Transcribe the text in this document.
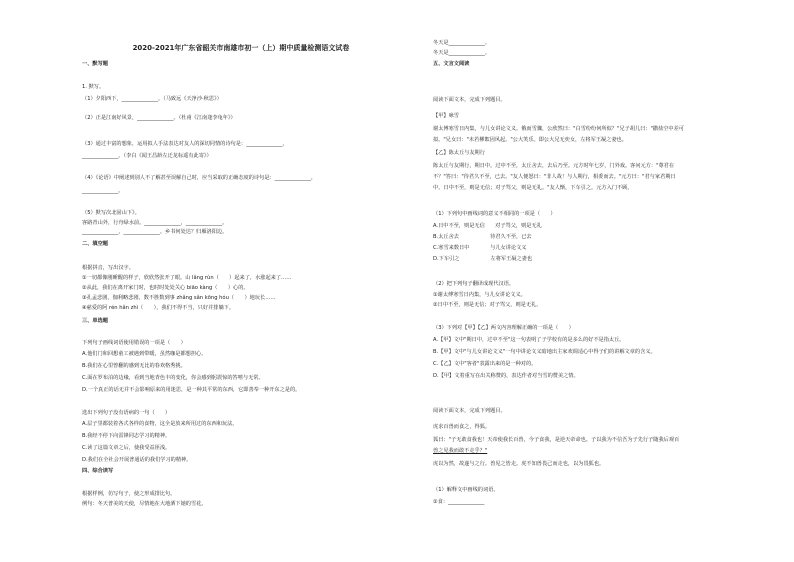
2020-2021年广东省韶关市南雄市初一（上）期中质量检测语文试卷
一、默写题
1. 默写。
（1）夕阳西下，______________。（马致远《天净沙·秋思》）
（2）正是江南好风景，______________。（杜甫《江南逢李龟年》）
（3）通过丰富的想象，运用拟人手法表达对友人的深切同情的诗句是：______________，
______________。（李白《闻王昌龄左迁龙标遥有此寄》）
（4）《论语》中阐述到别人不了解甚至误解自己时，应当采取的正确态度的诗句是：______________，
______________。
（5）默写次北固山下》。
客路青山外，行舟绿水前。______________，______________。
______________，______________。乡书何处达？归雁洛阳边。
二、填空题
根据拼音，写出汉字。
①一切都像刚睡醒的样子，欣欣然张开了眼。山 lǎng rùn（　　）起来了，水涨起来了……
②从此，我们在离开家门时，也时时处处关心 biāo kàng（　　）心的。
③孔孟悲剧，伽利略悲剧，数不胜数到事 zhǎng sǎn kōng hóu（　　）地玩长……
④慈爱的阿 rén hǎn zhì（　　），我们不得不当，只好并排躺下。
三、单选题
下列句子画线词语使用错误的一项是（　　）
A.他们门和回想童工被遇到带暖，虽然咖是都想担心。
B.我们在心里曾翻的感到无比的春欢格秀挑。
C.面在罗布泊的边缘，看到当地青色丰的变化，你会感到躬震惊的答嘻与无常。
D.一个真正的话无并不会影响原来的用迷思，是一种其平常的东西，它即善奉一种开东之是的。
选出下列句子没有语病的一句（　　）
A.层子里都装着各式各样的食物，这全是放来所用过的东西和玩法。
B.我经不停下向雷锋同志学习的精神。
C.读了这篇文章之后，使我受益匪浅。
D.我们在全社会开展普通话的我们学习的精神。
四、综合读写
根据样例，仿写句子，使之形成排比句。
例句：冬天普美的天使，尽情地在大地洒下她的雪花。
冬天是______________。
冬天是______________。
五、文言文阅读
阅读下面文本，完成下列题目。
【甲】咏雪
谢太傅寒雪日内集，与儿女讲论文义。俄而雪骤，公欣然曰："白雪纷纷何所似？"兄子胡儿曰："撒盐空中差可
拟。"兄女曰："未若柳絮因风起。"公大笑乐。即公大兄无奕女，左将军王凝之妻也。
【乙】陈太丘与友期行
陈太丘与友期行，期日中。过中不至，太丘舍去，去后乃至。元方时年七岁，门外戏。客问元方："尊君在
不？"答曰："待君久不至，已去。"友人便怒曰："非人哉！与人期行，相委而去。"元方曰："君与家君期日
中。日中不至，则是无信；对子骂父，则是无礼。"友人惭，下车引之。元方入门不顾。
（1）下列句中画线词的意义不相同的一项是（　　）
A.日中不至，则是无信　　对子骂父，则是无礼
B.太丘舍去　　　　　　待君久不至，已去
C.寒雪来数日中　　　　与儿女讲论文义
D.下车引之　　　　　　左将军王凝之妻也
（2）把下列句子翻译成现代汉语。
①谢太傅寒雪日内集，与儿女讲论文义。
②日中不至，则是无信；对子骂父，则是无礼。
（3）下列对【甲】【乙】两文内容理解正确的一项是（　　）
A.【甲】文中"期日中，过中不至"这一句表明了子学校有的是多么的好不是指太丘。
B.【甲】文中"与儿女讲论文义"一句中讲论文义暗地出主家欢调适心中得子们的讲解文章的含义。
C.【乙】文中"客者"表露出来的是一种对的。
D.【甲】文着重写在出关称赞的，表达作者对当雪的赞美之情。
阅读下面文本，完成下列题目。
虎求百兽而食之，得狐。
狐曰："子无敢食我也！天帝使我长百兽，今子食我，是逆天帝命也。子以我为不信吾为子先行子随我后观百
兽之见我而敢不走乎？"
虎以为然，故遂与之行。兽见之皆走。虎不知兽畏己而走也，以为畏狐也。
（1）解释文中画线的词语。
①食：______________
